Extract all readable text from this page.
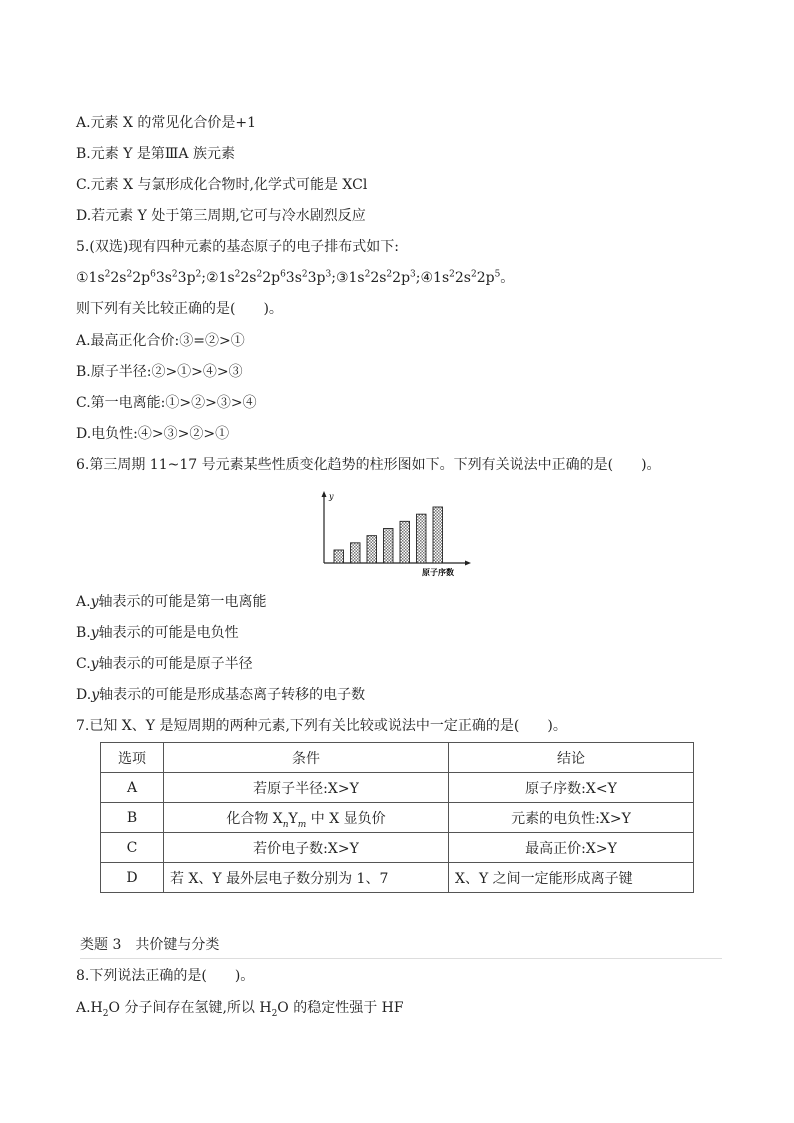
A.元素 X 的常见化合价是+1
B.元素 Y 是第ⅢA 族元素
C.元素 X 与氯形成化合物时,化学式可能是 XCl
D.若元素 Y 处于第三周期,它可与冷水剧烈反应
5.(双选)现有四种元素的基态原子的电子排布式如下:
$①1s^22s^22p^63s^23p^2;②1s^22s^22p^63s^23p^3;③1s^22s^22p^3;④1s^22s^22p^5$。
则下列有关比较正确的是(　　)。
A.最高正化合价:③=②>①
B.原子半径:②>①>④>③
C.第一电离能:①>②>③>④
D.电负性:④>③>②>①
6.第三周期 11~17 号元素某些性质变化趋势的柱形图如下。下列有关说法中正确的是(　　)。
y
原子序数
A.y轴表示的可能是第一电离能
B.y轴表示的可能是电负性
C.y轴表示的可能是原子半径
D.y轴表示的可能是形成基态离子转移的电子数
7.已知 X、Y 是短周期的两种元素,下列有关比较或说法中一定正确的是(　　)。
选项	条件	结论
A	若原子半径:X>Y	原子序数:X<Y
B	化合物 $X_nY_m$ 中 X 显负价	元素的电负性:X>Y
C	若价电子数:X>Y	最高正价:X>Y
D	若 X、Y 最外层电子数分别为 1、7	X、Y 之间一定能形成离子键
类题 3　共价键与分类
8.下列说法正确的是(　　)。
$A.H_2O$ 分子间存在氢键,所以 $H_2O$ 的稳定性强于 HF
